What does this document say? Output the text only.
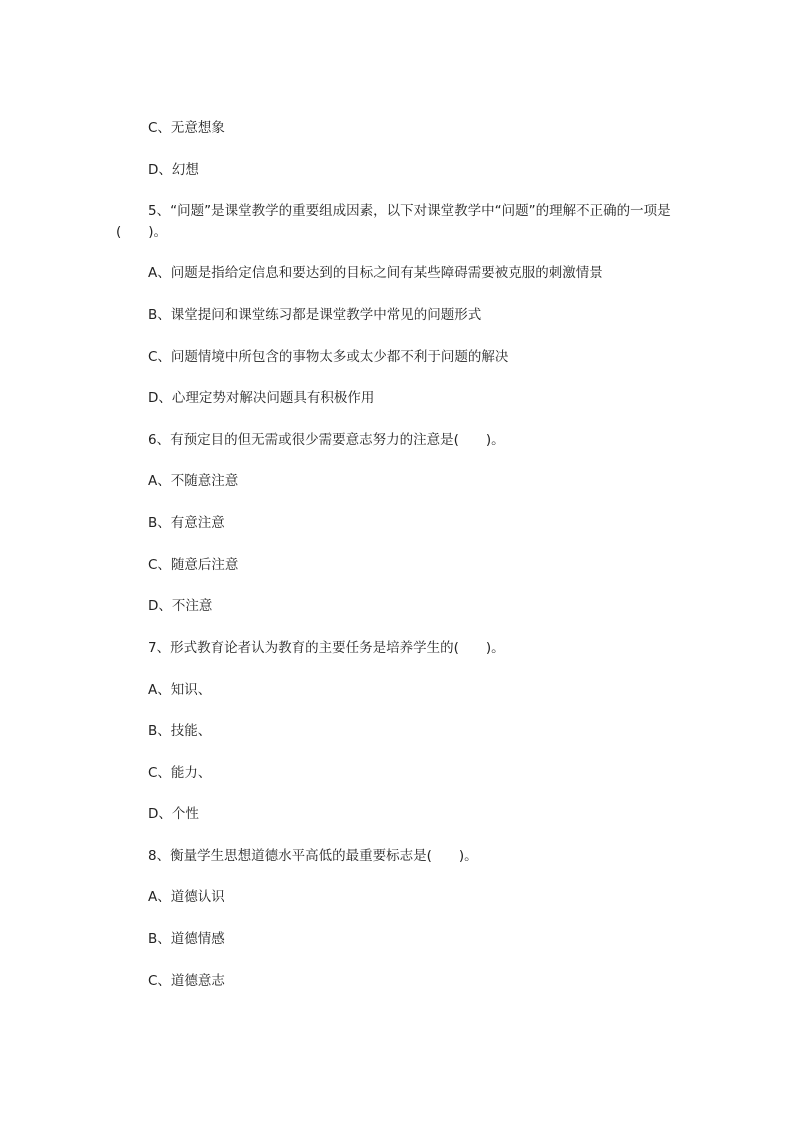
C、无意想象
D、幻想
5、“问题”是课堂教学的重要组成因素，以下对课堂教学中“问题”的理解不正确的一项是(　　)。
A、问题是指给定信息和要达到的目标之间有某些障碍需要被克服的刺激情景
B、课堂提问和课堂练习都是课堂教学中常见的问题形式
C、问题情境中所包含的事物太多或太少都不利于问题的解决
D、心理定势对解决问题具有积极作用
6、有预定目的但无需或很少需要意志努力的注意是(　　)。
A、不随意注意
B、有意注意
C、随意后注意
D、不注意
7、形式教育论者认为教育的主要任务是培养学生的(　　)。
A、知识、
B、技能、
C、能力、
D、个性
8、衡量学生思想道德水平高低的最重要标志是(　　)。
A、道德认识
B、道德情感
C、道德意志
